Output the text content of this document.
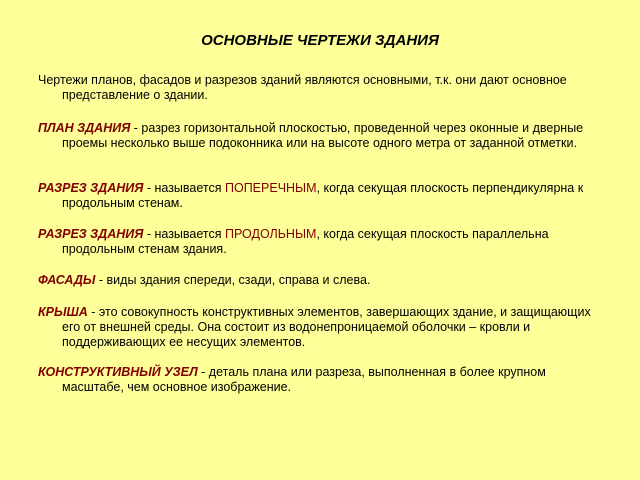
ОСНОВНЫЕ ЧЕРТЕЖИ ЗДАНИЯ

Чертежи планов, фасадов и разрезов зданий являются основными, т.к. они дают основное представление о здании.

ПЛАН ЗДАНИЯ - разрез горизонтальной плоскостью, проведенной через оконные и дверные проемы несколько выше подоконника или на высоте одного метра от заданной отметки.

РАЗРЕЗ ЗДАНИЯ - называется ПОПЕРЕЧНЫМ, когда секущая плоскость перпендикулярна к продольным стенам.

РАЗРЕЗ ЗДАНИЯ - называется ПРОДОЛЬНЫМ, когда секущая плоскость параллельна продольным стенам здания.

ФАСАДЫ - виды здания спереди, сзади, справа и слева.

КРЫША - это совокупность конструктивных элементов, завершающих здание, и защищающих его от внешней среды. Она состоит из водонепроницаемой оболочки – кровли и поддерживающих ее несущих элементов.

КОНСТРУКТИВНЫЙ УЗЕЛ - деталь плана или разреза, выполненная в более крупном масштабе, чем основное изображение.
